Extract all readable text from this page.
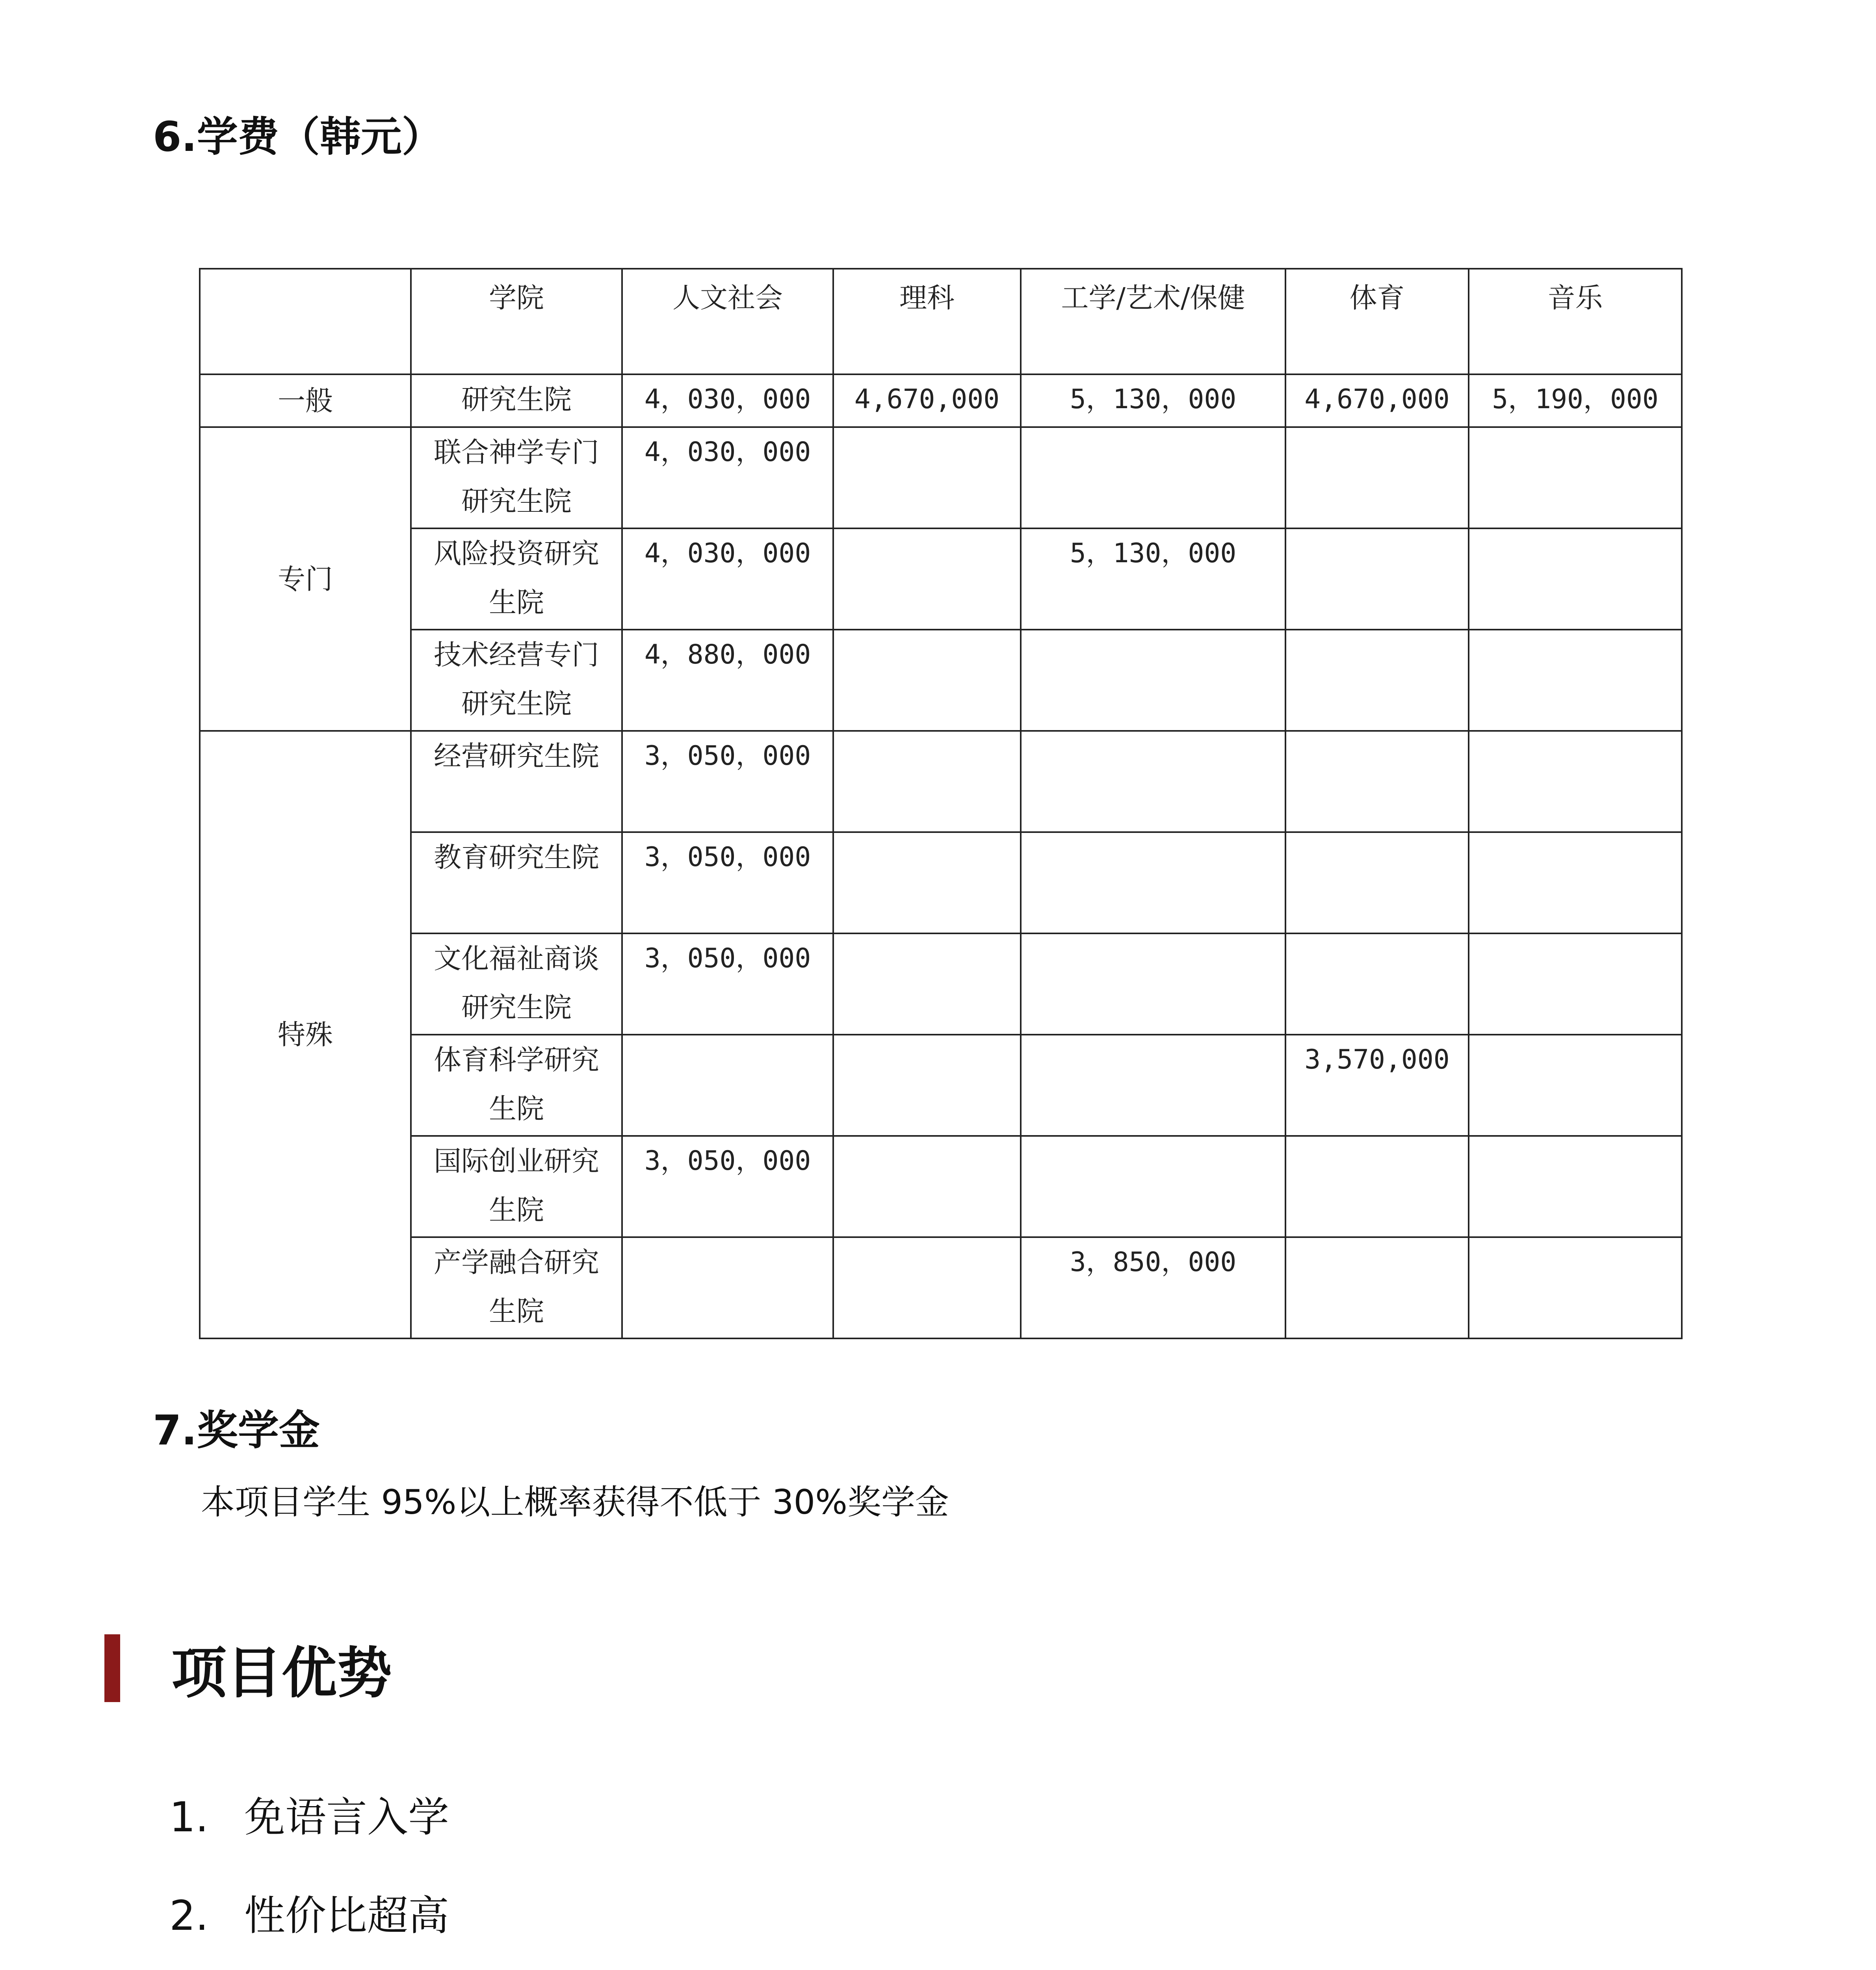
6.学费（韩元）
	学院	人文社会	理科	工学/艺术/保健	体育	音乐
一般	研究生院	4，030，000	4,670,000	5，130，000	4,670,000	5，190，000
专门	联合神学专门研究生院	4，030，000				
	风险投资研究生院	4，030，000		5，130，000		
	技术经营专门研究生院	4，880，000				
特殊	经营研究生院	3，050，000				
	教育研究生院	3，050，000				
	文化福祉商谈研究生院	3，050，000				
	体育科学研究生院				3,570,000	
	国际创业研究生院	3，050，000				
	产学融合研究生院			3，850，000		
7.奖学金
本项目学生 95%以上概率获得不低于 30%奖学金
项目优势
1. 免语言入学
2. 性价比超高
